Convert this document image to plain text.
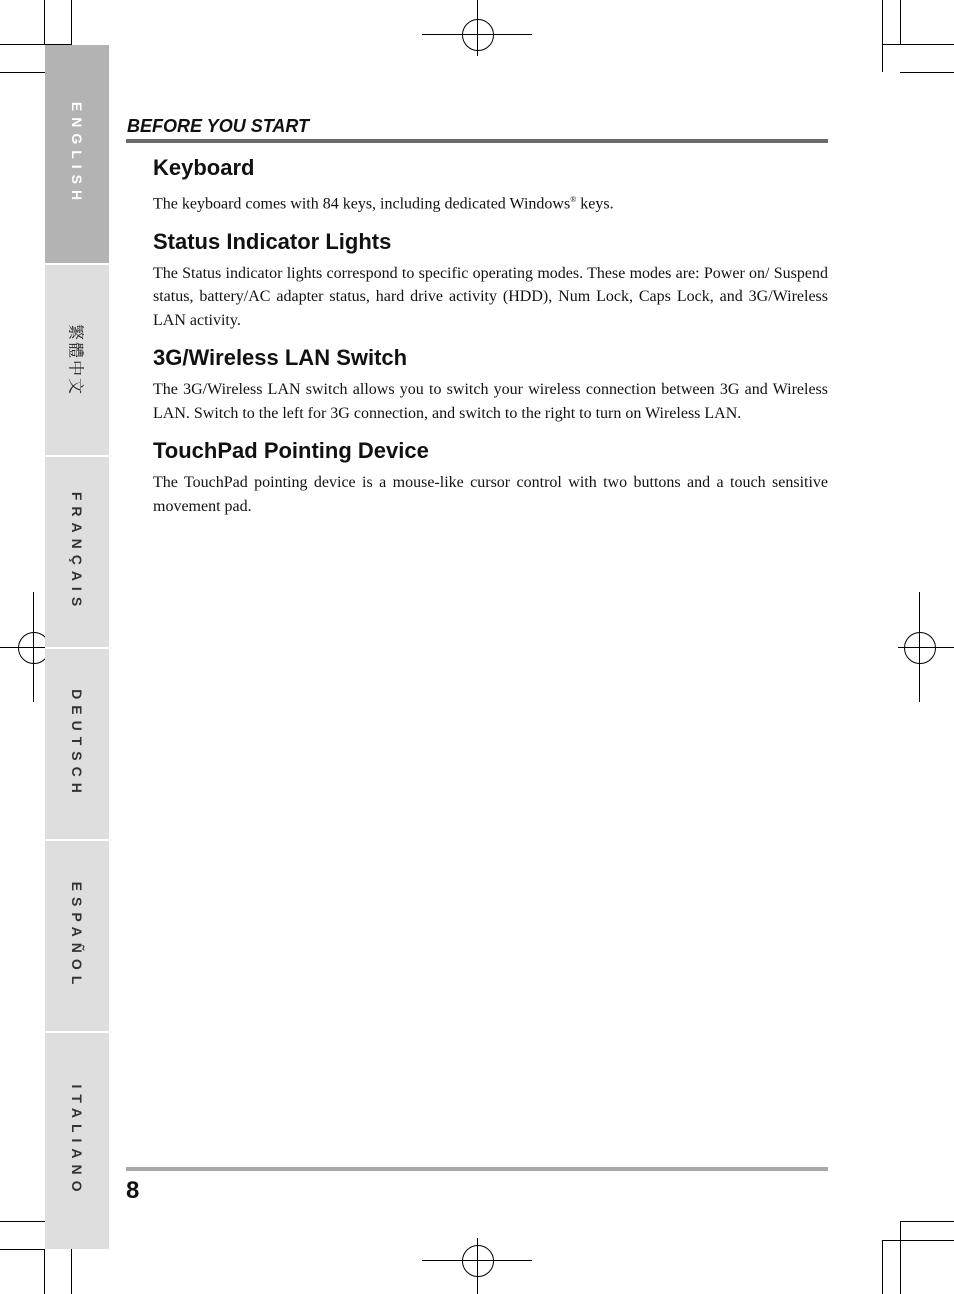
ENGLISH
繁體中文
FRANÇAIS
DEUTSCH
ESPAÑOL
ITALIANO
BEFORE YOU START
Keyboard

The keyboard comes with 84 keys, including dedicated Windows® keys.

Status Indicator Lights

The Status indicator lights correspond to specific operating modes. These modes are: Power on/ Suspend status, battery/AC adapter status, hard drive activity (HDD), Num Lock, Caps Lock, and 3G/Wireless LAN activity.

3G/Wireless LAN Switch

The 3G/Wireless LAN switch allows you to switch your wireless connection between 3G and Wireless LAN. Switch to the left for 3G connection, and switch to the right to turn on Wireless LAN.

TouchPad Pointing Device

The TouchPad pointing device is a mouse-like cursor control with two buttons and a touch sensitive movement pad.

8
